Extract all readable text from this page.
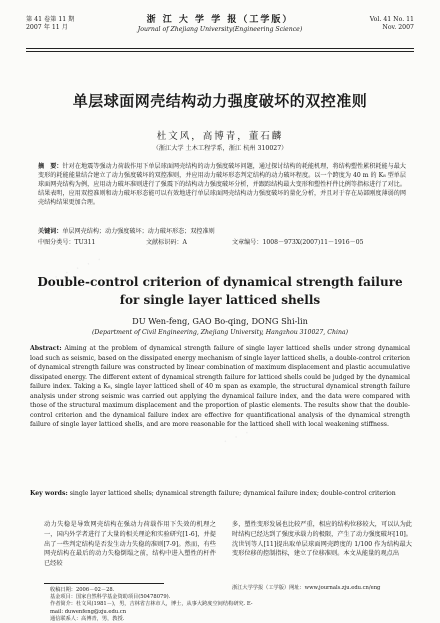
. . . . . .
. . . . . .
第 41 卷第 11 期
2007 年 11 月
浙 江 大 学 学 报（工学版）
Journal of Zhejiang University(Engineering Science)
Vol. 41 No. 11
Nov. 2007
单层球面网壳结构动力强度破坏的双控准则
杜文风，高博青，董石麟
（浙江大学 土木工程学系，浙江 杭州 310027）
摘　要：针对在地震等强动力荷载作用下单层球面网壳结构的动力强度破坏问题，通过探讨结构的耗能机理，将结构塑性累积耗能与最大变形的耗能能量结合建立了动力强度破坏的双控准则，并应用动力破坏形态判定结构的动力破坏程度。以一个跨度为 40 m 的 K₈ 型单层球面网壳结构为例，应用动力破坏准则进行了强震下的结构动力强度破坏分析，并跟踪结构最大变形和塑性杆件比例等指标进行了对比。结果表明，应用双控准则和动力破坏形态能可以有效地进行单层球面网壳结构动力强度破坏的量化分析，并且对于存在局部刚度薄弱的网壳结构结果更加合理。
关键词：单层网壳结构；动力强度破坏；动力破坏形态；双控准则
中图分类号：TU311	文献标识码：A	文章编号：1008－973X(2007)11－1916－05
Double-control criterion of dynamical strength failure
for single layer latticed shells
DU Wen-feng, GAO Bo-qing, DONG Shi-lin
(Department of Civil Engineering, Zhejiang University, Hangzhou 310027, China)
Abstract: Aiming at the problem of dynamical strength failure of single layer latticed shells under strong dynamical load such as seismic, based on the dissipated energy mechanism of single layer latticed shells, a double-control criterion of dynamical strength failure was constructed by linear combination of maximum displacement and plastic accumulative dissipated energy. The different extent of dynamical strength failure for latticed shells could be judged by the dynamical failure index. Taking a K₈, single layer latticed shell of 40 m span as example, the structural dynamical strength failure analysis under strong seismic was carried out applying the dynamical failure index, and the data were compared with those of the structural maximum displacement and the proportion of plastic elements. The results show that the double-control criterion and the dynamical failure index are effective for quantificational analysis of the dynamical strength failure of single layer latticed shells, and are more reasonable for the latticed shell with local weakening stiffness.
Key words: single layer latticed shells; dynamical strength failure; dynamical failure index; double-control criterion
动力失稳是导致网壳结构在强动力荷载作用下失效的机理之一，国内外学者进行了大量的相关理论和实验研究[1-6]，并提出了一些判定结构是否发生动力失稳的准则[7-9]。然而，有些网壳结构在最后的动力失稳倒塌之前，结构中进入塑性的杆件已经较
多，塑性变形发展也比较严重，相应的结构位移较大，可以认为此时结构已经达到了强度承载力的极限，产生了动力强度破坏[10]。沈世钊等人[11]提出取单层球面网壳跨度的 1/100 作为结构最大变形位移的控制指标，建立了位移准则。本文从能量的观点出
收稿日期：2006－02－28.
基金项目：国家自然科学基金资助项目(50478079).
作者简介：杜文风(1981－)，男，吉林省吉林市人，博士，从事大跨度空间结构研究. E-mail: duwenfeng@zju.edu.cn
通信联系人：高博青，男，教授.
浙江大学学报（工学版）网址：www.journals.zju.edu.cn/eng
